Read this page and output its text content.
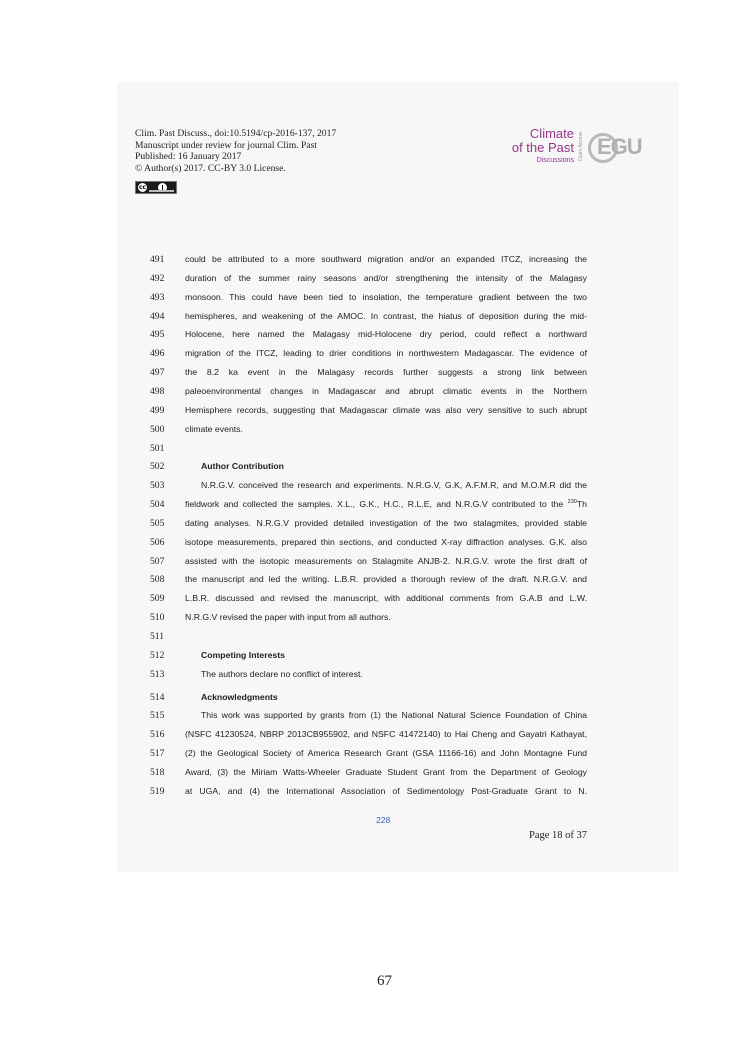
Clim. Past Discuss., doi:10.5194/cp-2016-137, 2017
Manuscript under review for journal Clim. Past
Published: 16 January 2017
© Author(s) 2017. CC-BY 3.0 License.
cc
Climate
of the Past
Discussions Open Access EGU
491	could be attributed to a more southward migration and/or an expanded ITCZ, increasing the
492	duration of the summer rainy seasons and/or strengthening the intensity of the Malagasy
493	monsoon. This could have been tied to insolation, the temperature gradient between the two
494	hemispheres, and weakening of the AMOC. In contrast, the hiatus of deposition during the mid-
495	Holocene, here named the Malagasy mid-Holocene dry period, could reflect a northward
496	migration of the ITCZ, leading to drier conditions in northwestern Madagascar. The evidence of
497	the 8.2 ka event in the Malagasy records further suggests a strong link between
498	paleoenvironmental changes in Madagascar and abrupt climatic events in the Northern
499	Hemisphere records, suggesting that Madagascar climate was also very sensitive to such abrupt
500	climate events.
501
502	Author Contribution
503	N.R.G.V. conceived the research and experiments. N.R.G.V, G.K, A.F.M.R, and M.O.M.R did the
504	fieldwork and collected the samples. X.L., G.K., H.C., R.L.E, and N.R.G.V contributed to the $^{230}$Th
505	dating analyses. N.R.G.V provided detailed investigation of the two stalagmites, provided stable
506	isotope measurements, prepared thin sections, and conducted X-ray diffraction analyses. G.K. also
507	assisted with the isotopic measurements on Stalagmite ANJB-2. N.R.G.V. wrote the first draft of
508	the manuscript and led the writing. L.B.R. provided a thorough review of the draft. N.R.G.V. and
509	L.B.R. discussed and revised the manuscript, with additional comments from G.A.B and L.W.
510	N.R.G.V revised the paper with input from all authors.
511
512	Competing Interests
513	The authors declare no conflict of interest.
514	Acknowledgments
515	This work was supported by grants from (1) the National Natural Science Foundation of China
516	(NSFC 41230524, NBRP 2013CB955902, and NSFC 41472140) to Hai Cheng and Gayatri Kathayat,
517	(2) the Geological Society of America Research Grant (GSA 11166-16) and John Montagne Fund
518	Award, (3) the Miriam Watts-Wheeler Graduate Student Grant from the Department of Geology
519	at UGA, and (4) the International Association of Sedimentology Post-Graduate Grant to N.
228
Page 18 of 37
67
